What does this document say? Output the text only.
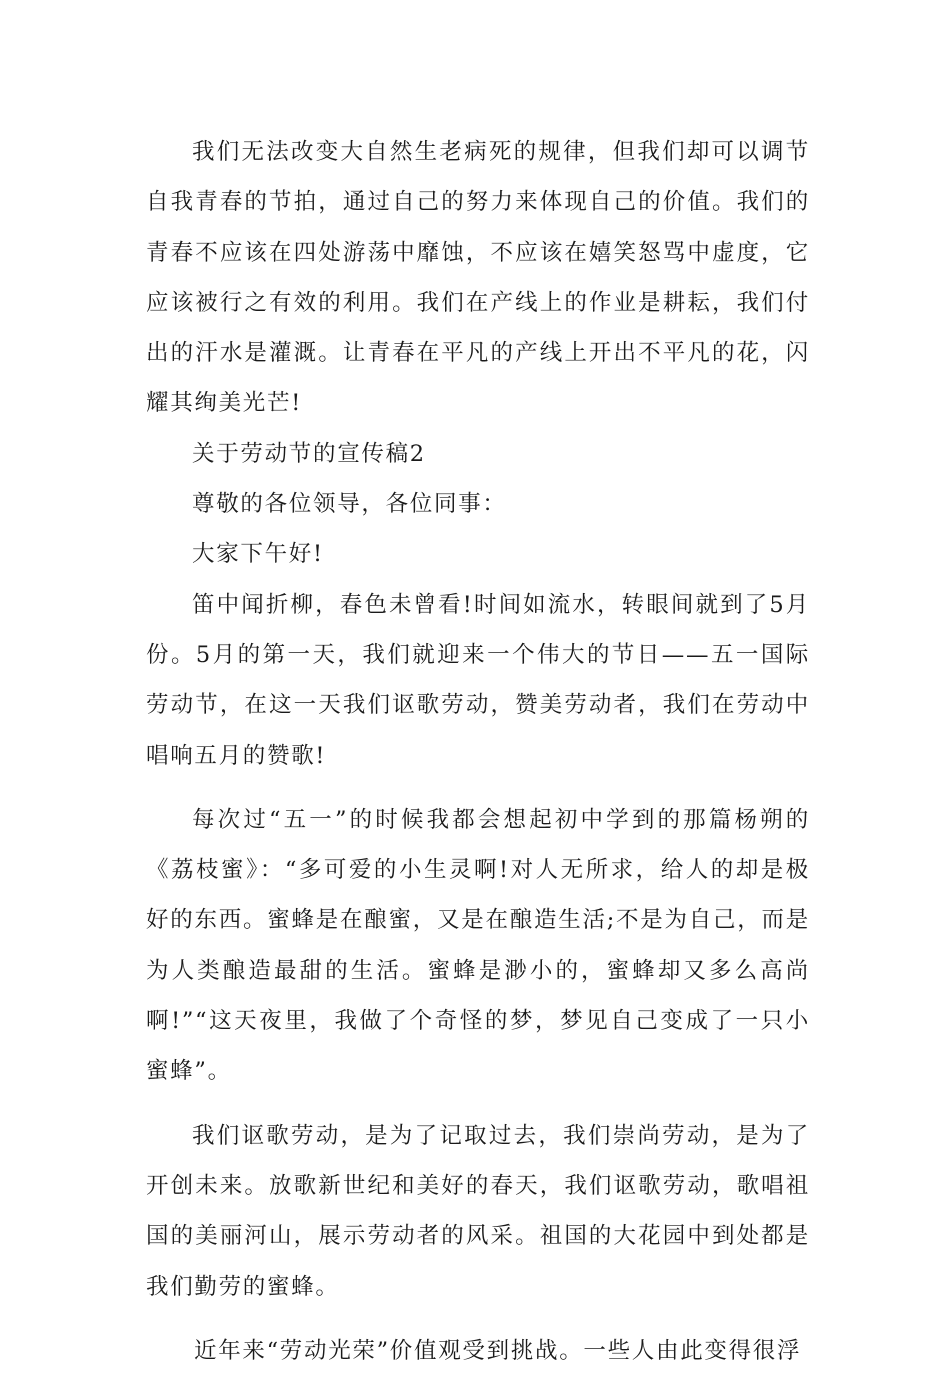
我们无法改变大自然生老病死的规律，但我们却可以调节自我青春的节拍，通过自己的努力来体现自己的价值。我们的青春不应该在四处游荡中靡蚀，不应该在嬉笑怒骂中虚度，它应该被行之有效的利用。我们在产线上的作业是耕耘，我们付出的汗水是灌溉。让青春在平凡的产线上开出不平凡的花，闪耀其绚美光芒!

关于劳动节的宣传稿2

尊敬的各位领导，各位同事：

大家下午好!

笛中闻折柳，春色未曾看!时间如流水，转眼间就到了5月份。5月的第一天，我们就迎来一个伟大的节日——五一国际劳动节，在这一天我们讴歌劳动，赞美劳动者，我们在劳动中唱响五月的赞歌!

每次过“五一”的时候我都会想起初中学到的那篇杨朔的《荔枝蜜》：“多可爱的小生灵啊!对人无所求，给人的却是极好的东西。蜜蜂是在酿蜜，又是在酿造生活;不是为自己，而是为人类酿造最甜的生活。蜜蜂是渺小的，蜜蜂却又多么高尚啊!”“这天夜里，我做了个奇怪的梦，梦见自己变成了一只小蜜蜂”。

我们讴歌劳动，是为了记取过去，我们崇尚劳动，是为了开创未来。放歌新世纪和美好的春天，我们讴歌劳动，歌唱祖国的美丽河山，展示劳动者的风采。祖国的大花园中到处都是我们勤劳的蜜蜂。

近年来“劳动光荣”价值观受到挑战。一些人由此变得很浮
